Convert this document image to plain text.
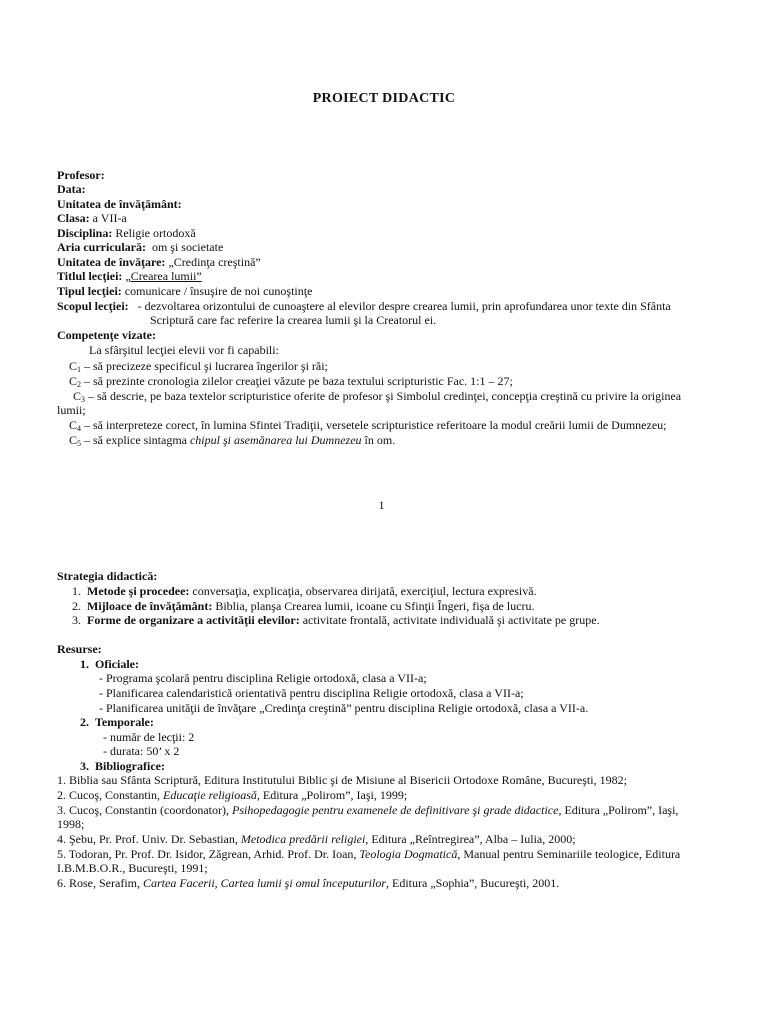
PROIECT DIDACTIC
Profesor:
Data:
Unitatea de învăţământ:
Clasa: a VII-a
Disciplina: Religie ortodoxă
Aria curriculară: om şi societate
Unitatea de învăţare: „Credinţa creştină”
Titlul lecţiei: „Crearea lumii”
Tipul lecţiei: comunicare / însuşire de noi cunoştinţe
Scopul lecţiei: - dezvoltarea orizontului de cunoaştere al elevilor despre crearea lumii, prin aprofundarea unor texte din Sfânta
Scriptură care fac referire la crearea lumii şi la Creatorul ei.
Competenţe vizate:
La sfârşitul lecţiei elevii vor fi capabili:
$C_1$ – să precizeze specificul şi lucrarea îngerilor şi răi;
$C_2$ – să prezinte cronologia zilelor creaţiei văzute pe baza textului scripturistic Fac. 1:1 – 27;
$C_3$ – să descrie, pe baza textelor scripturistice oferite de profesor şi Simbolul credinţei, concepţia creştină cu privire la originea
lumii;
$C_4$ – să interpreteze corect, în lumina Sfintei Tradiţii, versetele scripturistice referitoare la modul creării lumii de Dumnezeu;
$C_5$ – să explice sintagma chipul şi asemănarea lui Dumnezeu în om.
1
Strategia didactică:
1. Metode şi procedee: conversaţia, explicaţia, observarea dirijată, exerciţiul, lectura expresivă.
2. Mijloace de învăţământ: Biblia, planşa Crearea lumii, icoane cu Sfinţii Îngeri, fişa de lucru.
3. Forme de organizare a activităţii elevilor: activitate frontală, activitate individuală şi activitate pe grupe.
Resurse:
1. Oficiale:
- Programa şcolară pentru disciplina Religie ortodoxă, clasa a VII-a;
- Planificarea calendaristică orientativă pentru disciplina Religie ortodoxă, clasa a VII-a;
- Planificarea unităţii de învăţare „Credinţa creştină” pentru disciplina Religie ortodoxă, clasa a VII-a.
2. Temporale:
- număr de lecţii: 2
- durata: 50’ x 2
3. Bibliografice:
1. Biblia sau Sfânta Scriptură, Editura Institutului Biblic şi de Misiune al Bisericii Ortodoxe Române, Bucureşti, 1982;
2. Cucoş, Constantin, Educaţie religioasă, Editura „Polirom”, Iaşi, 1999;
3. Cucoş, Constantin (coordonator), Psihopedagogie pentru examenele de definitivare şi grade didactice, Editura „Polirom”, Iaşi,
1998;
4. Şebu, Pr. Prof. Univ. Dr. Sebastian, Metodica predării religiei, Editura „Reîntregirea”, Alba – Iulia, 2000;
5. Todoran, Pr. Prof. Dr. Isidor, Zăgrean, Arhid. Prof. Dr. Ioan, Teologia Dogmatică, Manual pentru Seminariile teologice, Editura
I.B.M.B.O.R., Bucureşti, 1991;
6. Rose, Serafim, Cartea Facerii, Cartea lumii şi omul începuturilor, Editura „Sophia”, Bucureşti, 2001.
